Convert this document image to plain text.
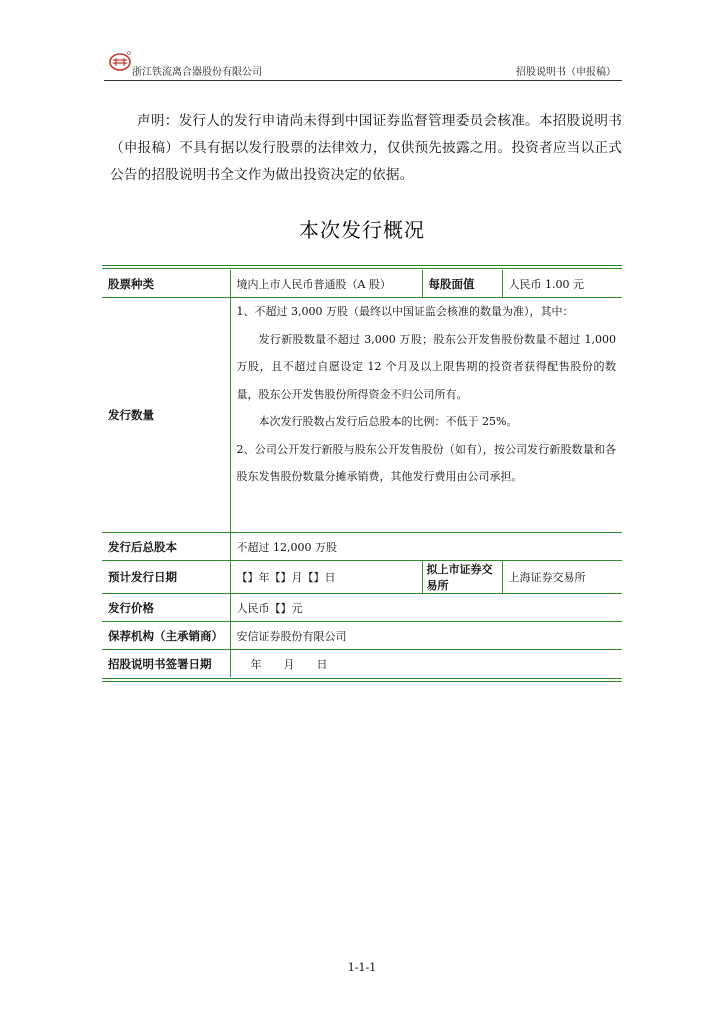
浙江铁流离合器股份有限公司	招股说明书（申报稿）

声明：发行人的发行申请尚未得到中国证券监督管理委员会核准。本招股说明书（申报稿）不具有据以发行股票的法律效力，仅供预先披露之用。投资者应当以正式公告的招股说明书全文作为做出投资决定的依据。

本次发行概况
股票种类	境内上市人民币普通股（A 股）	每股面值	人民币 1.00 元
发行数量	1、不超过 3,000 万股（最终以中国证监会核准的数量为准），其中：

发行新股数量不超过 3,000 万股；股东公开发售股份数量不超过 1,000 万股，且不超过自愿设定 12 个月及以上限售期的投资者获得配售股份的数量，股东公开发售股份所得资金不归公司所有。

本次发行股数占发行后总股本的比例：不低于 25%。

2、公司公开发行新股与股东公开发售股份（如有），按公司发行新股数量和各股东发售股份数量分摊承销费，其他发行费用由公司承担。		

发行后总股本	不超过 12,000 万股		
预计发行日期	【】年【】月【】日	拟上市证券交易所	上海证券交易所
发行价格	人民币【】元		
保荐机构（主承销商）	安信证券股份有限公司		
招股说明书签署日期	年　　月　　日		
1-1-1
